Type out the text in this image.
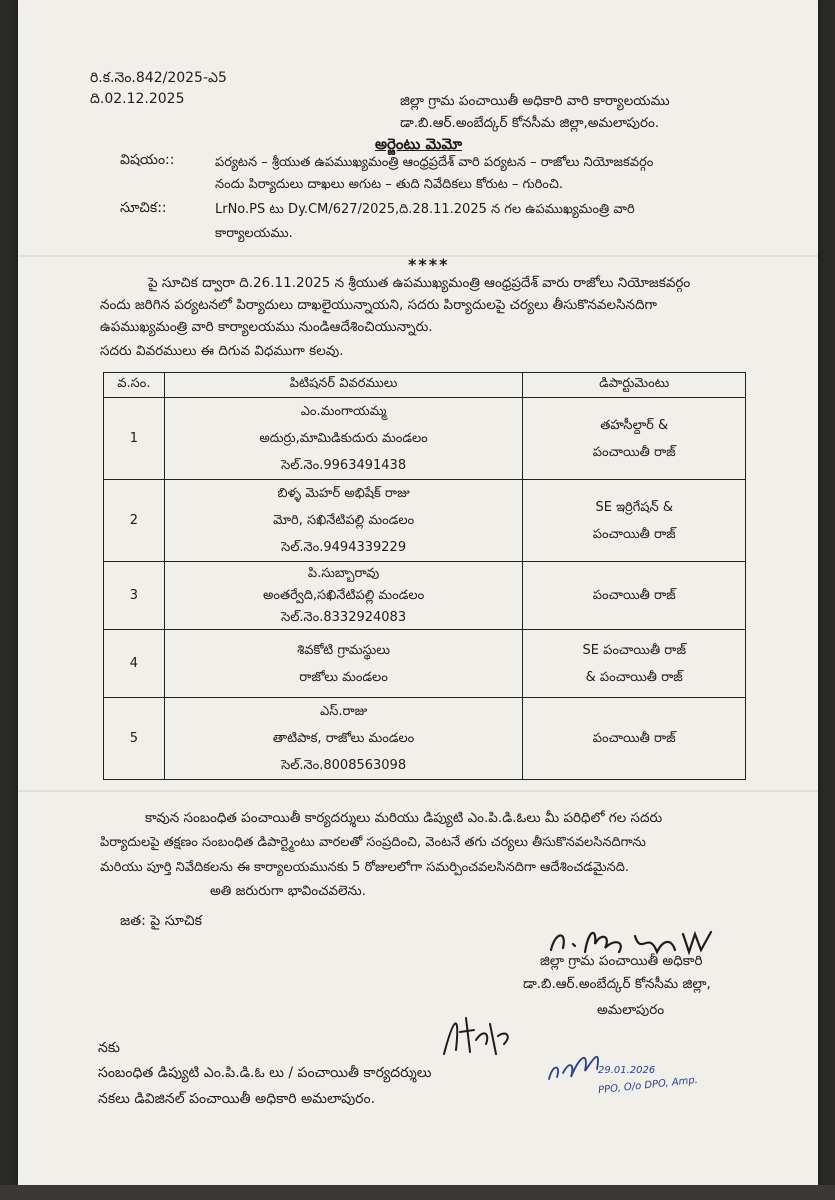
రి.క.నెం.842/2025-ఎ5
ది.02.12.2025	జిల్లా గ్రామ పంచాయితీ అధికారి వారి కార్యాలయము
డా.బి.ఆర్.అంబేద్కర్ కోనసీమ జిల్లా,అమలాపురం.
అర్జెంటు మెమో
విషయం::	పర్యటన – శ్రీయుత ఉపముఖ్యమంత్రి ఆంధ్రప్రదేశ్ వారి పర్యటన – రాజోలు నియోజకవర్గం
నందు పిర్యాదులు దాఖలు అగుట – తుది నివేదికలు కోరుట – గురించి.
సూచిక::	LrNo.PS టు Dy.CM/627/2025,ది.28.11.2025 న గల ఉపముఖ్యమంత్రి వారి
కార్యాలయము.
****
పై సూచిక ద్వారా ది.26.11.2025 న శ్రీయుత ఉపముఖ్యమంత్రి ఆంధ్రప్రదేశ్ వారు రాజోలు నియోజకవర్గం
నందు జరిగిన పర్యటనలో పిర్యాదులు దాఖలైయున్నాయని, సదరు పిర్యాదులపై చర్యలు తీసుకొనవలసినదిగా
ఉపముఖ్యమంత్రి వారి కార్యాలయము నుండిఆదేశించియున్నారు.
సదరు వివరములు ఈ దిగువ విధముగా కలవు.
వ.సం.	పిటిషనర్ వివరములు	డిపార్టుమెంటు
1	ఎం.మంగాయమ్మ
అదుర్రు,మామిడికుదురు మండలం
సెల్.నెం.9963491438	తహసీల్దార్ &
పంచాయితీ రాజ్

2	బిళ్ళ మెహర్ అభిషేక్ రాజు
మోరి, సఖినేటిపల్లి మండలం
సెల్.నెం.9494339229	SE ఇర్రిగేషన్ &
పంచాయితీ రాజ్

3	పి.సుబ్బారావు
అంతర్వేది,సఖినేటిపల్లి మండలం
సెల్.నెం.8332924083	పంచాయితీ రాజ్

4	శివకోటి గ్రామస్థులు
రాజోలు మండలం	SE పంచాయితీ రాజ్
& పంచాయితీ రాజ్

5	ఎస్.రాజు
తాటిపాక, రాజోలు మండలం
సెల్.నెం.8008563098	పంచాయితీ రాజ్
కావున సంబంధిత పంచాయితీ కార్యదర్శులు మరియు డిప్యుటి ఎం.పి.డి.ఓలు మీ పరిధిలో గల సదరు
పిర్యాదులపై తక్షణం సంబంధిత డిపార్ట్మెంటు వారలతో సంప్రదించి, వెంటనే తగు చర్యలు తీసుకొనవలసినదిగాను
మరియు పూర్తి నివేదికలను ఈ కార్యాలయమునకు 5 రోజులలోగా సమర్పించవలసినదిగా ఆదేశించడమైనది.
అతి జరురుగా భావించవలెను.
జత: పై సూచిక
జిల్లా గ్రామ పంచాయితీ అధికారి
డా.బి.ఆర్.అంబేద్కర్ కోనసీమ జిల్లా,
అమలాపురం
నకు
సంబంధిత డిప్యుటి ఎం.పి.డి.ఓ లు / పంచాయితీ కార్యదర్శులు
నకలు డివిజినల్ పంచాయితీ అధికారి అమలాపురం.
29.01.2026
PPO, O/o DPO, Amp.
